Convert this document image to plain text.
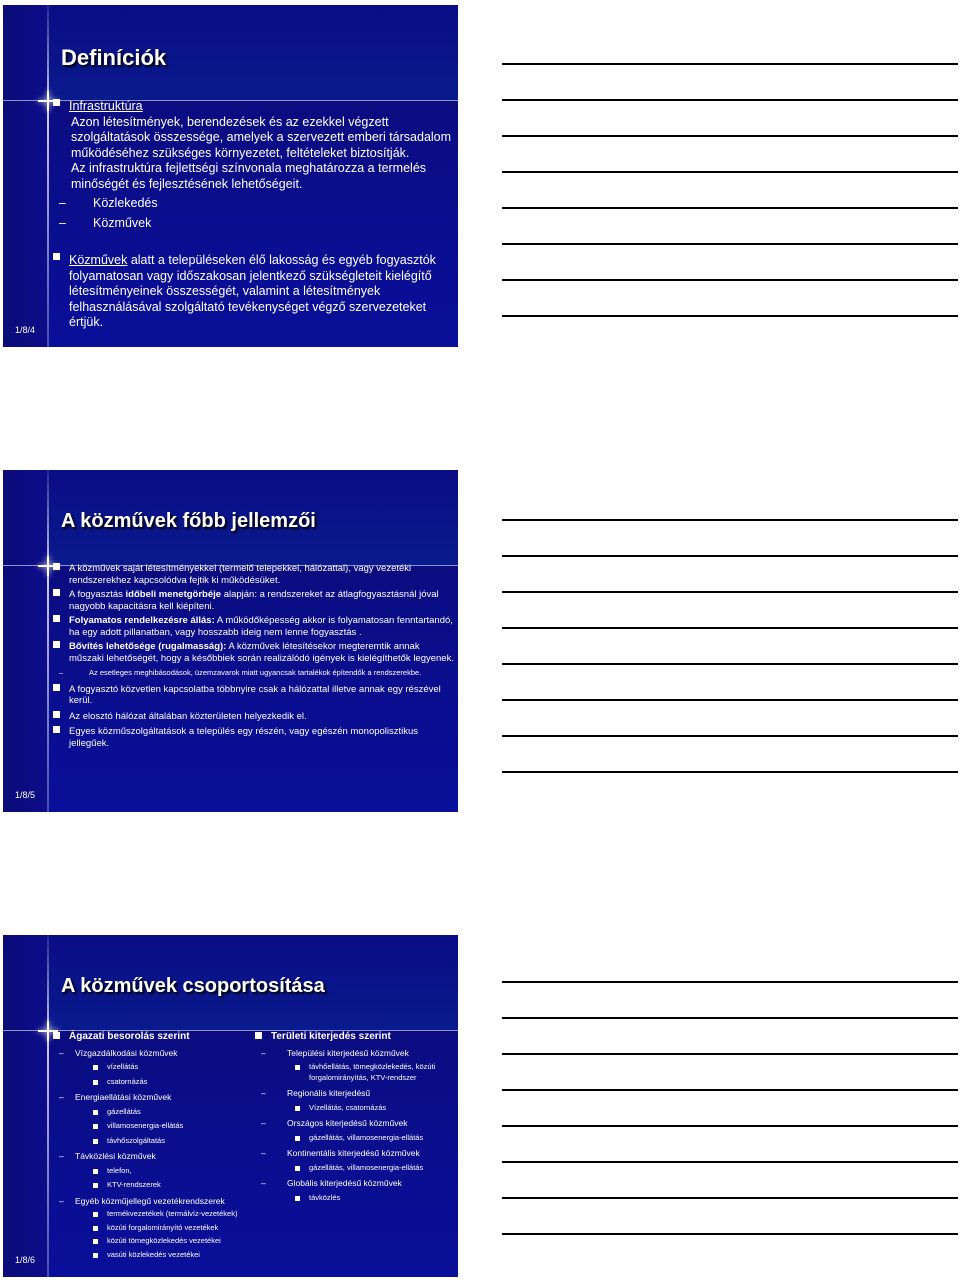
Definíciók
1/8/4
Infrastruktúra
Azon létesítmények, berendezések és az ezekkel végzett szolgáltatások összessége, amelyek a szervezett emberi társadalom működéséhez szükséges környezetet, feltételeket biztosítják.
Az infrastruktúra fejlettségi színvonala meghatározza a termelés minőségét és fejlesztésének lehetőségeit.
– Közlekedés
– Közművek
Közművek alatt a településeken élő lakosság és egyéb fogyasztók folyamatosan vagy időszakosan jelentkező szükségleteit kielégítő létesítményeinek összességét, valamint a létesítmények felhasználásával szolgáltató tevékenységet végző szervezeteket értjük.
A közművek főbb jellemzői
1/8/5
A közművek saját létesítményekkel (termelő telepekkel, hálózattal), vagy vezetéki rendszerekhez kapcsolódva fejtik ki működésüket.
A fogyasztás időbeli menetgörbéje alapján: a rendszereket az átlagfogyasztásnál jóval nagyobb kapacitásra kell kiépíteni.
Folyamatos rendelkezésre állás: A működőképesség akkor is folyamatosan fenntartandó, ha egy adott pillanatban, vagy hosszabb ideig nem lenne fogyasztás .
Bővítés lehetősége (rugalmasság): A közművek létesítésekor megteremtik annak műszaki lehetőségét, hogy a későbbiek során realizálódó igények is kielégíthetők legyenek.
– Az esetleges meghibásodások, üzemzavarok miatt ugyancsak tartalékok építendők a rendszerekbe.
A fogyasztó közvetlen kapcsolatba többnyire csak a hálózattal illetve annak egy részével kerül.
Az elosztó hálózat általában közterületen helyezkedik el.
Egyes közműszolgáltatások a település egy részén, vagy egészén monopolisztikus jellegűek.
A közművek csoportosítása
1/8/6
Ágazati besorolás szerint
– Vízgazdálkodási közművek
vízellátás
csatornázás
– Energiaellátási közművek
gázellátás
villamosenergia-ellátás
távhőszolgáltatás
– Távközlési közművek
telefon,
KTV-rendszerek
– Egyéb közműjellegű vezetékrendszerek
termékvezetékek (termálvíz-vezetékek)
közúti forgalomirányító vezetékek
közúti tömegközlekedés vezetékei
vasúti közlekedés vezetékei
Területi kiterjedés szerint
– Települési kiterjedésű közművek
távhőellátás, tömegközlekedés, közúti forgalomirányítás, KTV-rendszer
– Regionális kiterjedésű
Vízellátás, csatornázás
– Országos kiterjedésű közművek
gázellátás, villamosenergia-ellátás
– Kontinentális kiterjedésű közművek
gázellátás, villamosenergia-ellátás
– Globális kiterjedésű közművek
távközlés
